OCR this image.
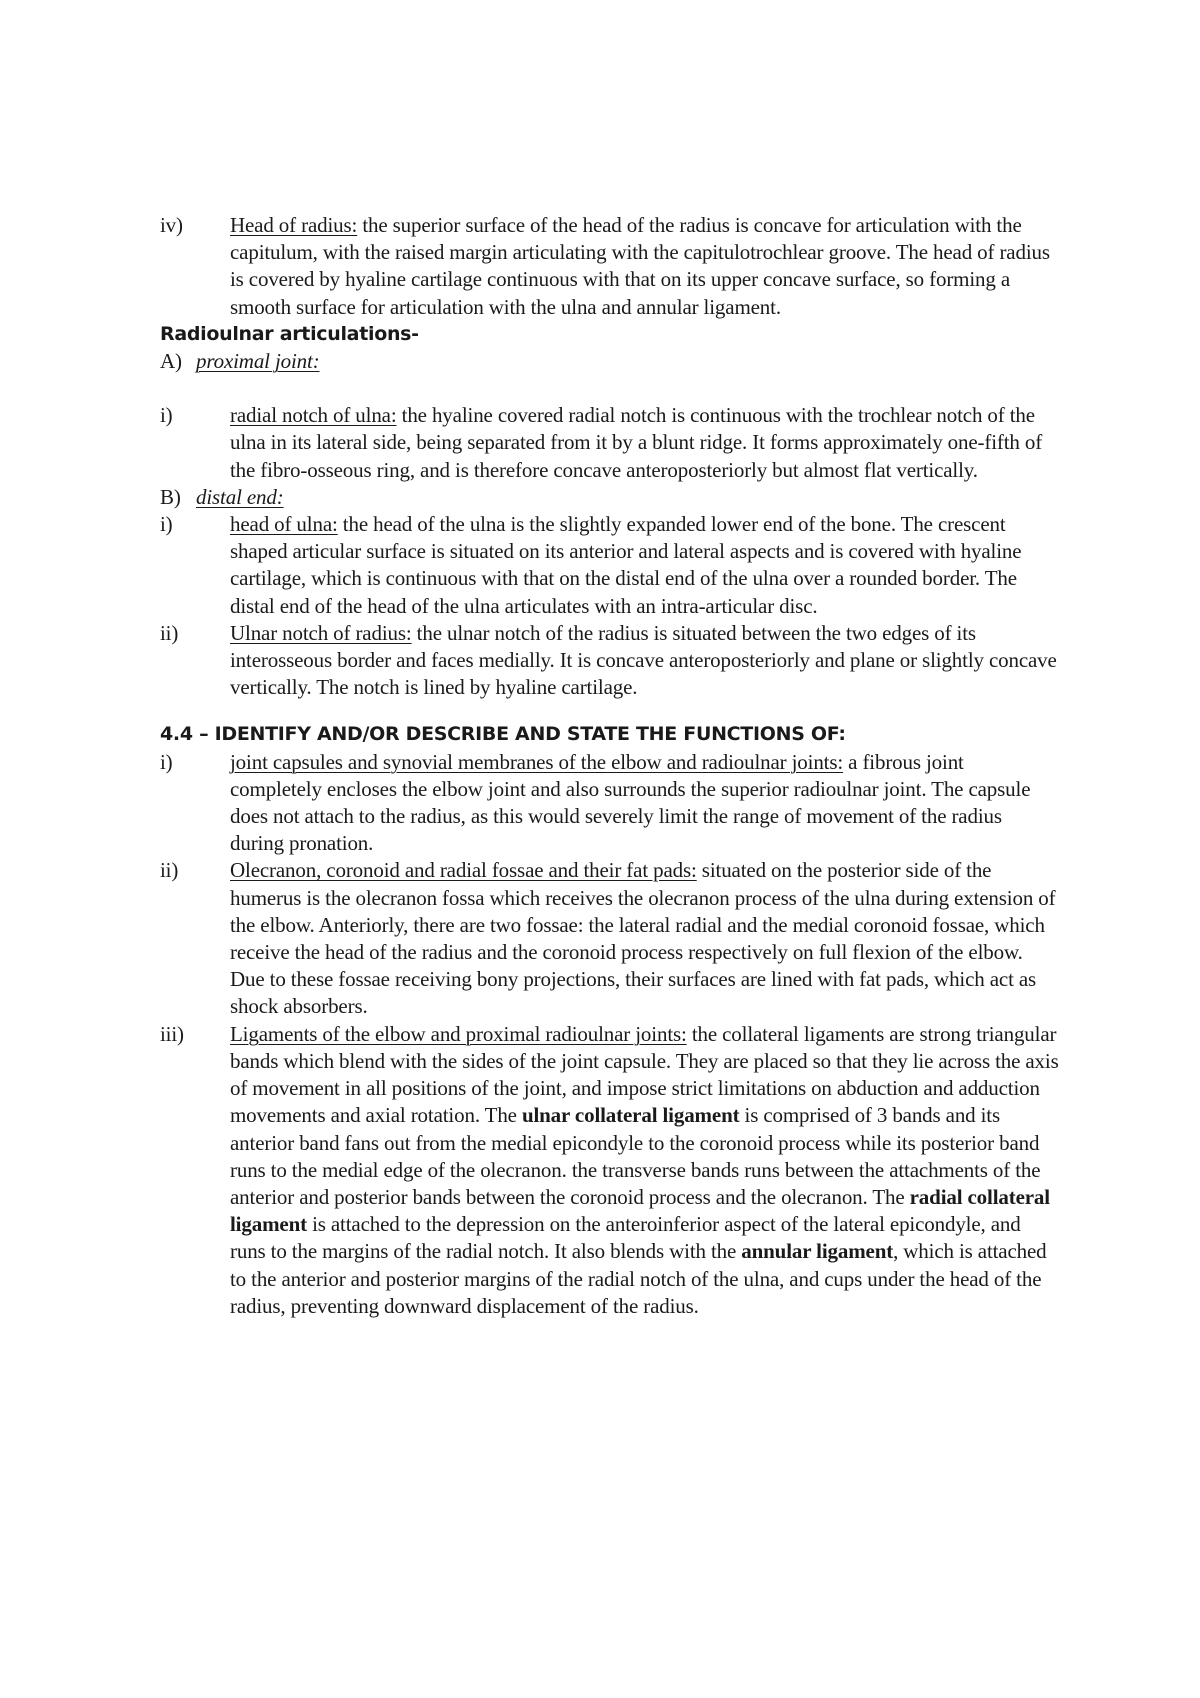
iv)	Head of radius: the superior surface of the head of the radius is concave for articulation with the capitulum, with the raised margin articulating with the capitulotrochlear groove. The head of radius is covered by hyaline cartilage continuous with that on its upper concave surface, so forming a smooth surface for articulation with the ulna and annular ligament.
Radioulnar articulations-
A) proximal joint:
i)	radial notch of ulna: the hyaline covered radial notch is continuous with the trochlear notch of the ulna in its lateral side, being separated from it by a blunt ridge. It forms approximately one-fifth of the fibro-osseous ring, and is therefore concave anteroposteriorly but almost flat vertically.
B) distal end:
i)	head of ulna: the head of the ulna is the slightly expanded lower end of the bone. The crescent shaped articular surface is situated on its anterior and lateral aspects and is covered with hyaline cartilage, which is continuous with that on the distal end of the ulna over a rounded border. The distal end of the head of the ulna articulates with an intra-articular disc.
ii)	Ulnar notch of radius: the ulnar notch of the radius is situated between the two edges of its interosseous border and faces medially. It is concave anteroposteriorly and plane or slightly concave vertically. The notch is lined by hyaline cartilage.
4.4 – IDENTIFY AND/OR DESCRIBE AND STATE THE FUNCTIONS OF:
i)	joint capsules and synovial membranes of the elbow and radioulnar joints: a fibrous joint completely encloses the elbow joint and also surrounds the superior radioulnar joint. The capsule does not attach to the radius, as this would severely limit the range of movement of the radius during pronation.
ii)	Olecranon, coronoid and radial fossae and their fat pads: situated on the posterior side of the humerus is the olecranon fossa which receives the olecranon process of the ulna during extension of the elbow. Anteriorly, there are two fossae: the lateral radial and the medial coronoid fossae, which receive the head of the radius and the coronoid process respectively on full flexion of the elbow. Due to these fossae receiving bony projections, their surfaces are lined with fat pads, which act as shock absorbers.
iii)	Ligaments of the elbow and proximal radioulnar joints: the collateral ligaments are strong triangular bands which blend with the sides of the joint capsule. They are placed so that they lie across the axis of movement in all positions of the joint, and impose strict limitations on abduction and adduction movements and axial rotation. The ulnar collateral ligament is comprised of 3 bands and its anterior band fans out from the medial epicondyle to the coronoid process while its posterior band runs to the medial edge of the olecranon. the transverse bands runs between the attachments of the anterior and posterior bands between the coronoid process and the olecranon. The radial collateral ligament is attached to the depression on the anteroinferior aspect of the lateral epicondyle, and runs to the margins of the radial notch. It also blends with the annular ligament, which is attached to the anterior and posterior margins of the radial notch of the ulna, and cups under the head of the radius, preventing downward displacement of the radius.
